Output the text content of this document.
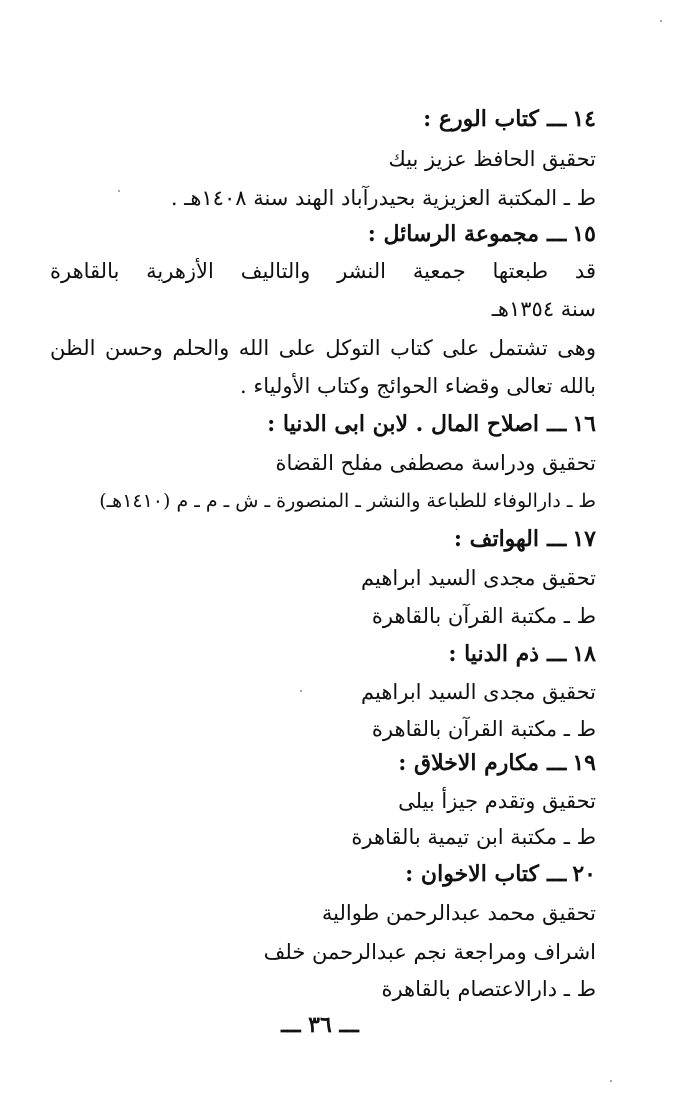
١٤ـــكتاب الورع :
تحقيق الحافظ عزيز بيك
ط ـ المكتبة العزيزية بحيدرآباد الهند سنة ١٤٠٨هـ .
١٥ـــمجموعة الرسائل :
قد طبعتها جمعية النشر والتاليف الأزهرية بالقاهرة
سنة ١٣٥٤هـ
وهى تشتمل على كتاب التوكل على الله والحلم وحسن الظن
بالله تعالى وقضاء الحوائج وكتاب الأولياء .
١٦ـــاصلاح المال . لابن ابى الدنيا :
تحقيق ودراسة مصطفى مفلح القضاة
ط ـ دارالوفاء للطباعة والنشر ـ المنصورة ـ ش ـ م ـ م (١٤١٠هـ)
١٧ـــالهواتف :
تحقيق مجدى السيد ابراهيم
ط ـ مكتبة القرآن بالقاهرة
١٨ـــذم الدنيا :
تحقيق مجدى السيد ابراهيم
ط ـ مكتبة القرآن بالقاهرة
١٩ـــمكارم الاخلاق :
تحقيق وتقدم جيزأ بيلى
ط ـ مكتبة ابن تيمية بالقاهرة
٢٠ـــكتاب الاخوان :
تحقيق محمد عبدالرحمن طوالية
اشراف ومراجعة نجم عبدالرحمن خلف
ط ـ دارالاعتصام بالقاهرة
ـــ ٣٦ ـــ
